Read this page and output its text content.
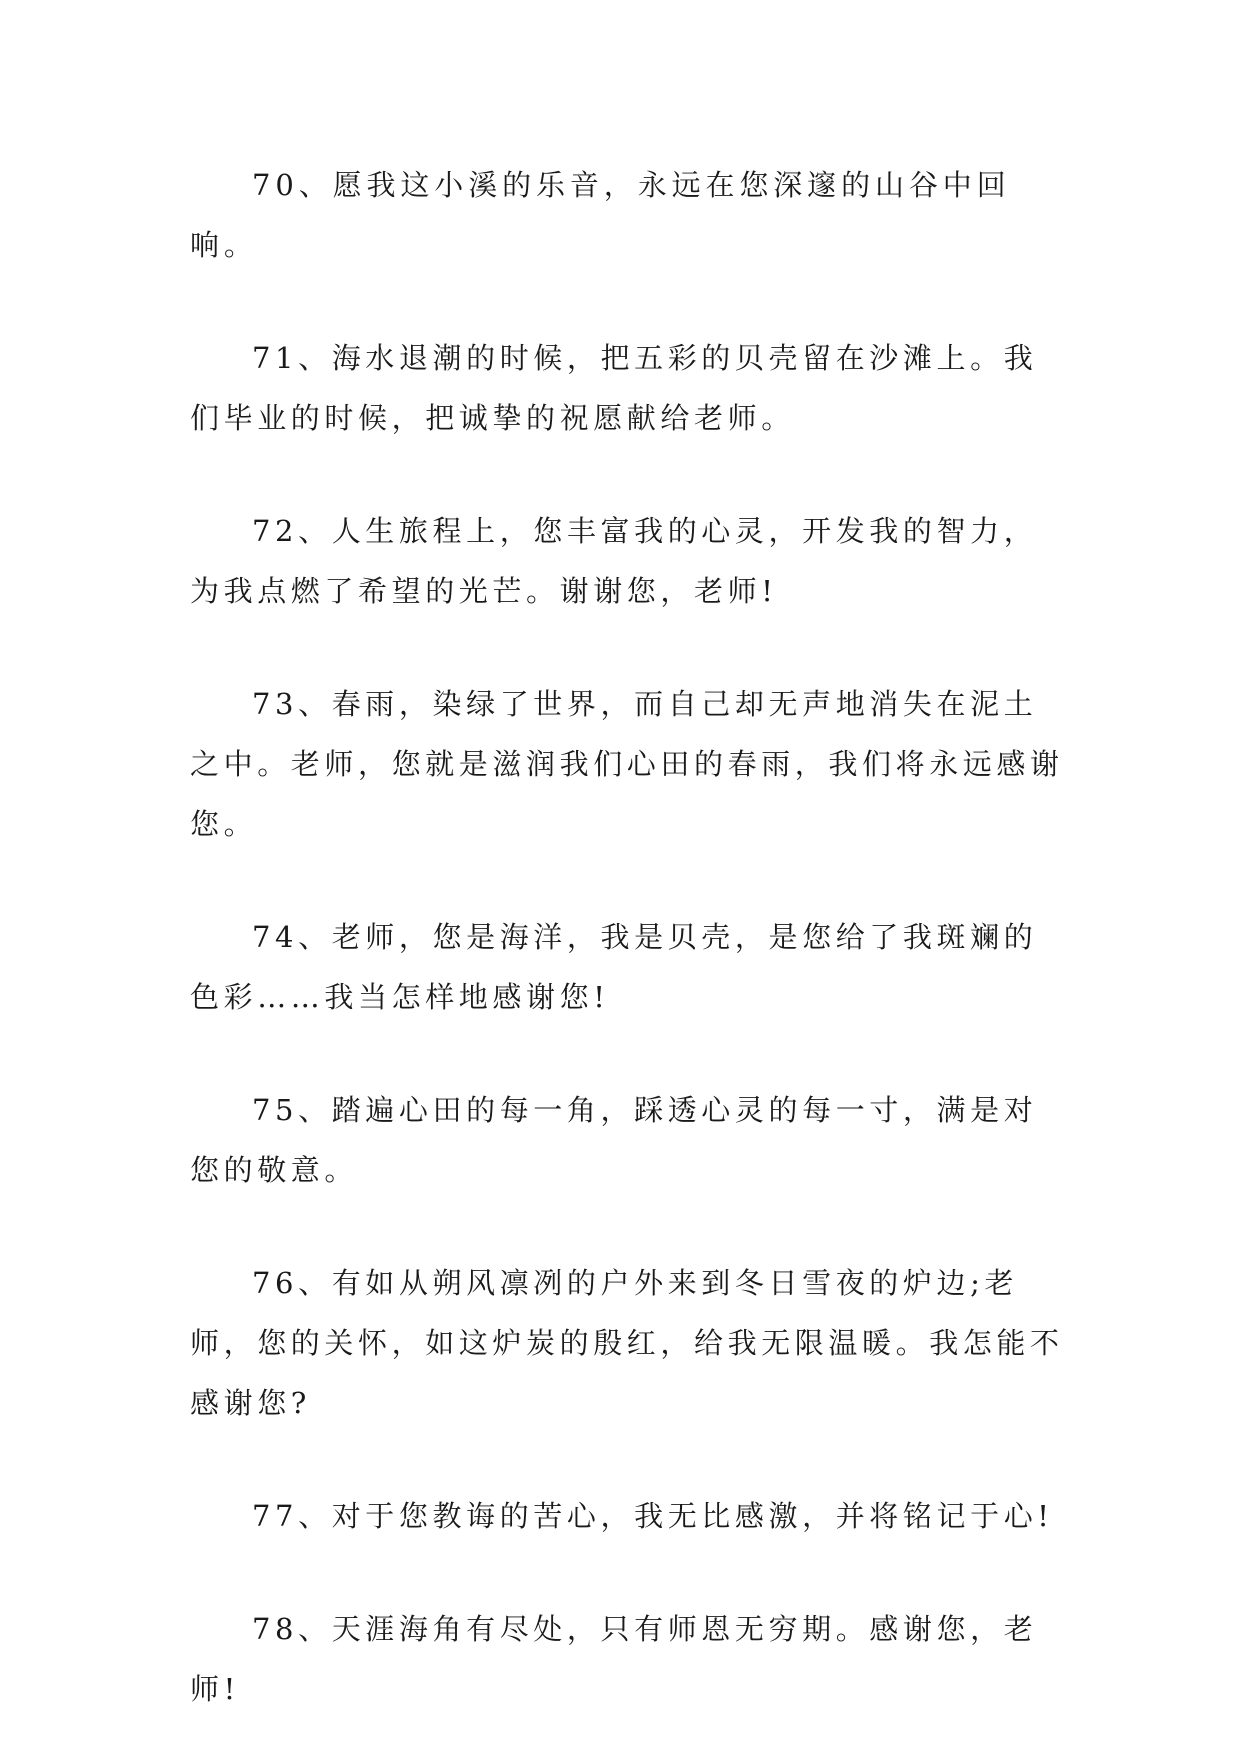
70、愿我这小溪的乐音，永远在您深邃的山谷中回响。

71、海水退潮的时候，把五彩的贝壳留在沙滩上。我们毕业的时候，把诚挚的祝愿献给老师。

72、人生旅程上，您丰富我的心灵，开发我的智力，为我点燃了希望的光芒。谢谢您，老师!

73、春雨，染绿了世界，而自己却无声地消失在泥土之中。老师，您就是滋润我们心田的春雨，我们将永远感谢您。

74、老师，您是海洋，我是贝壳，是您给了我斑斓的色彩……我当怎样地感谢您!

75、踏遍心田的每一角，踩透心灵的每一寸，满是对您的敬意。

76、有如从朔风凛冽的户外来到冬日雪夜的炉边;老师，您的关怀，如这炉炭的殷红，给我无限温暖。我怎能不感谢您?

77、对于您教诲的苦心，我无比感激，并将铭记于心!

78、天涯海角有尽处，只有师恩无穷期。感谢您，老师!
